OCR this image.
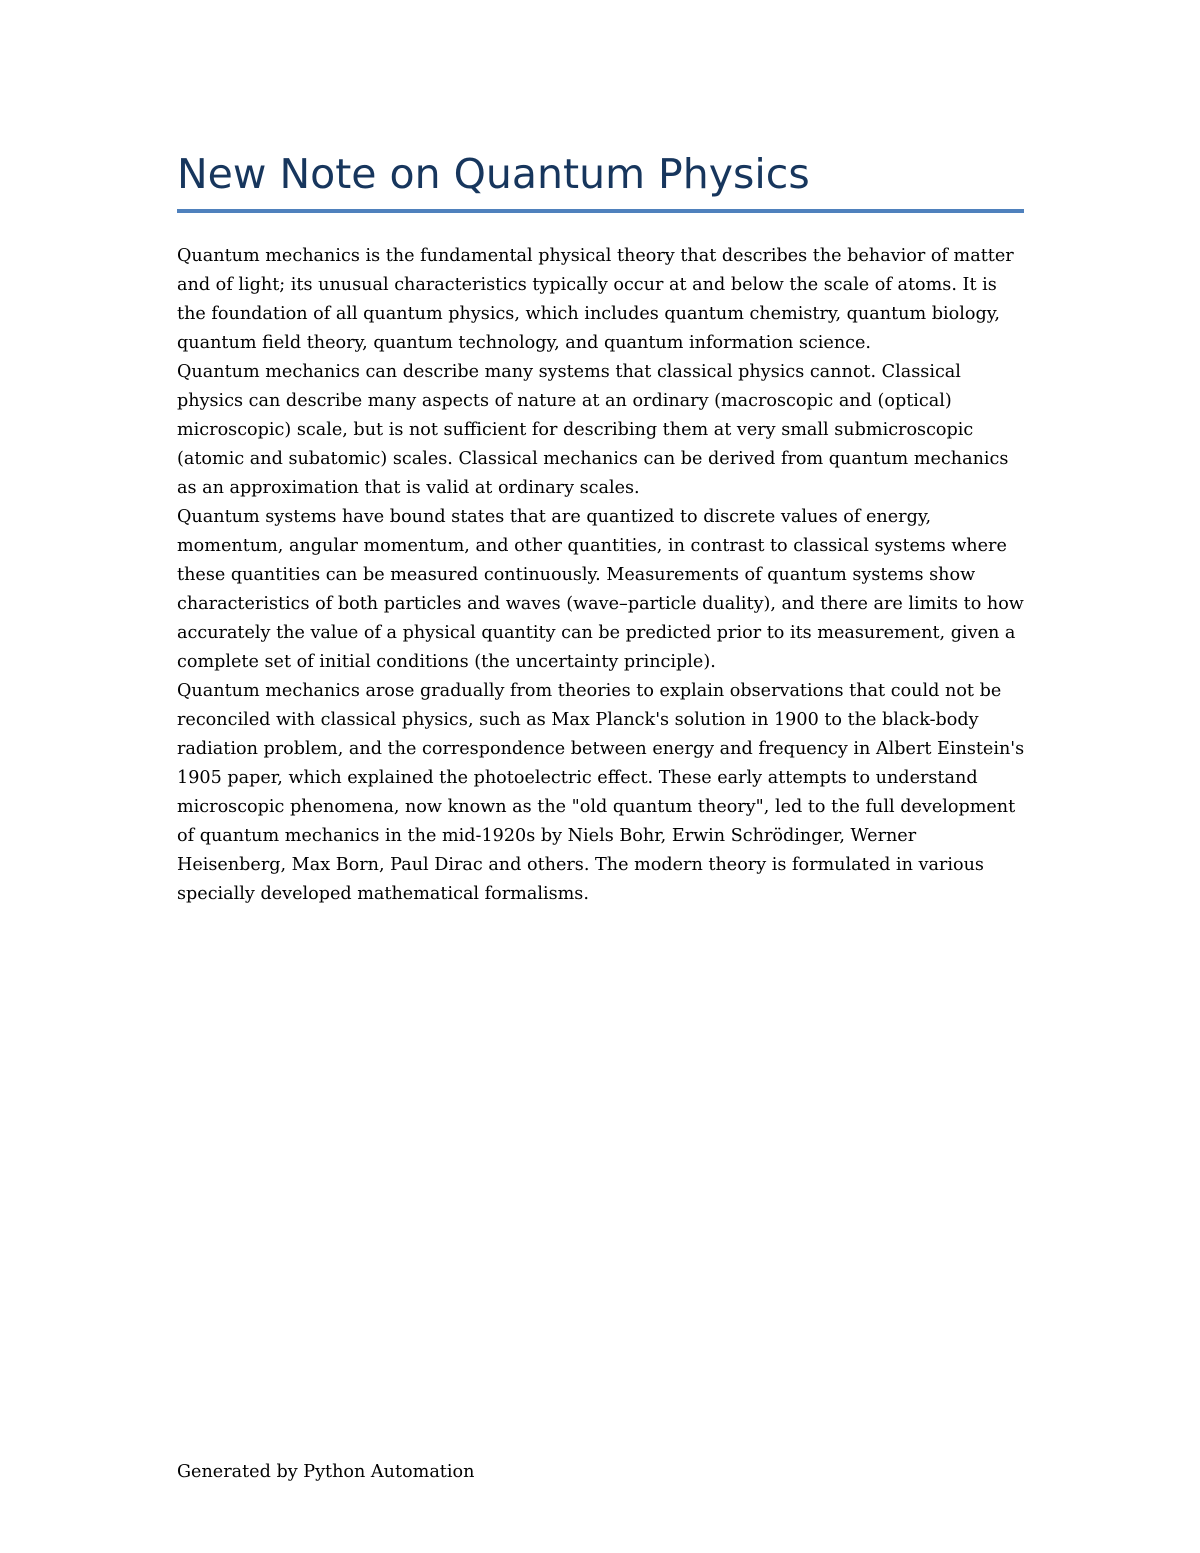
New Note on Quantum Physics

Quantum mechanics is the fundamental physical theory that describes the behavior of matter and of light; its unusual characteristics typically occur at and below the scale of atoms. It is the foundation of all quantum physics, which includes quantum chemistry, quantum biology, quantum field theory, quantum technology, and quantum information science.

Quantum mechanics can describe many systems that classical physics cannot. Classical physics can describe many aspects of nature at an ordinary (macroscopic and (optical) microscopic) scale, but is not sufficient for describing them at very small submicroscopic (atomic and subatomic) scales. Classical mechanics can be derived from quantum mechanics as an approximation that is valid at ordinary scales.

Quantum systems have bound states that are quantized to discrete values of energy, momentum, angular momentum, and other quantities, in contrast to classical systems where these quantities can be measured continuously. Measurements of quantum systems show characteristics of both particles and waves (wave–particle duality), and there are limits to how accurately the value of a physical quantity can be predicted prior to its measurement, given a complete set of initial conditions (the uncertainty principle).

Quantum mechanics arose gradually from theories to explain observations that could not be reconciled with classical physics, such as Max Planck's solution in 1900 to the black-body radiation problem, and the correspondence between energy and frequency in Albert Einstein's 1905 paper, which explained the photoelectric effect. These early attempts to understand microscopic phenomena, now known as the "old quantum theory", led to the full development of quantum mechanics in the mid-1920s by Niels Bohr, Erwin Schrödinger, Werner Heisenberg, Max Born, Paul Dirac and others. The modern theory is formulated in various specially developed mathematical formalisms.

Generated by Python Automation
